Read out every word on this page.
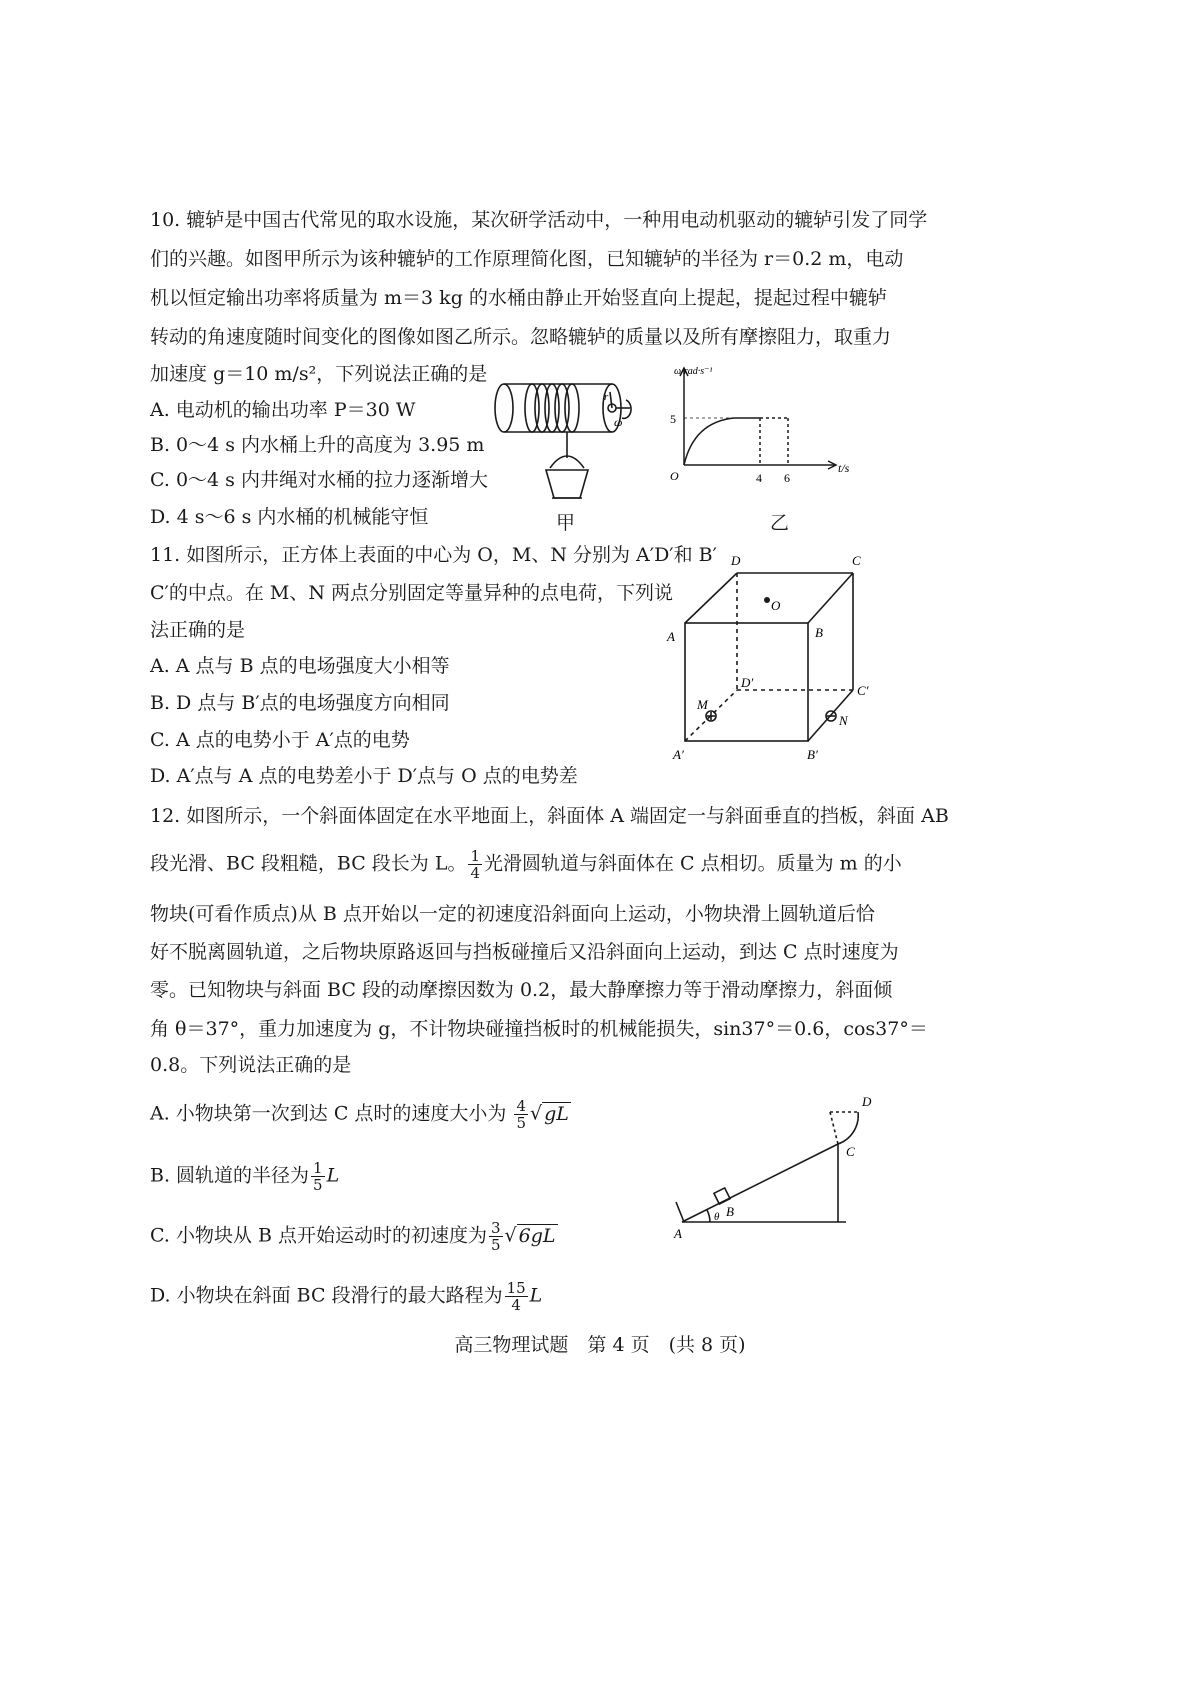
10. 辘轳是中国古代常见的取水设施，某次研学活动中，一种用电动机驱动的辘轳引发了同学
们的兴趣。如图甲所示为该种辘轳的工作原理简化图，已知辘轳的半径为 r＝0.2 m，电动
机以恒定输出功率将质量为 m＝3 kg 的水桶由静止开始竖直向上提起，提起过程中辘轳
转动的角速度随时间变化的图像如图乙所示。忽略辘轳的质量以及所有摩擦阻力，取重力
加速度 g＝10 m/s²，下列说法正确的是
A. 电动机的输出功率 P＝30 W
B. 0～4 s 内水桶上升的高度为 3.95 m
C. 0～4 s 内井绳对水桶的拉力逐渐增大
D. 4 s～6 s 内水桶的机械能守恒
r
ω
甲
ω/rad·s⁻¹
t/s
O
5
4 6
乙
11. 如图所示，正方体上表面的中心为 O，M、N 分别为 A′D′和 B′
C′的中点。在 M、N 两点分别固定等量异种的点电荷，下列说
法正确的是
A. A 点与 B 点的电场强度大小相等
B. D 点与 B′点的电场强度方向相同
C. A 点的电势小于 A′点的电势
D. A′点与 A 点的电势差小于 D′点与 O 点的电势差
D	C
O
A	B
D′
C′
M
N
A′	B′
12. 如图所示，一个斜面体固定在水平地面上，斜面体 A 端固定一与斜面垂直的挡板，斜面 AB
段光滑、BC 段粗糙，BC 段长为 L。 $\frac{1}{4}$ 光滑圆轨道与斜面体在 C 点相切。质量为 m 的小
物块(可看作质点)从 B 点开始以一定的初速度沿斜面向上运动，小物块滑上圆轨道后恰
好不脱离圆轨道，之后物块原路返回与挡板碰撞后又沿斜面向上运动，到达 C 点时速度为
零。已知物块与斜面 BC 段的动摩擦因数为 0.2，最大静摩擦力等于滑动摩擦力，斜面倾
角 θ＝37°，重力加速度为 g，不计物块碰撞挡板时的机械能损失，sin37°＝0.6，cos37°＝
0.8。下列说法正确的是
A. 小物块第一次到达 C 点时的速度大小为 $\frac{4}{5}$ √ gL
B. 圆轨道的半径为 $\frac{1}{5}$ L
C. 小物块从 B 点开始运动时的初速度为 $\frac{3}{5}$ √ 6gL
D. 小物块在斜面 BC 段滑行的最大路程为 $\frac{15}{4}$ L
A
B
C
D
θ
高三物理试题　第 4 页　(共 8 页)
